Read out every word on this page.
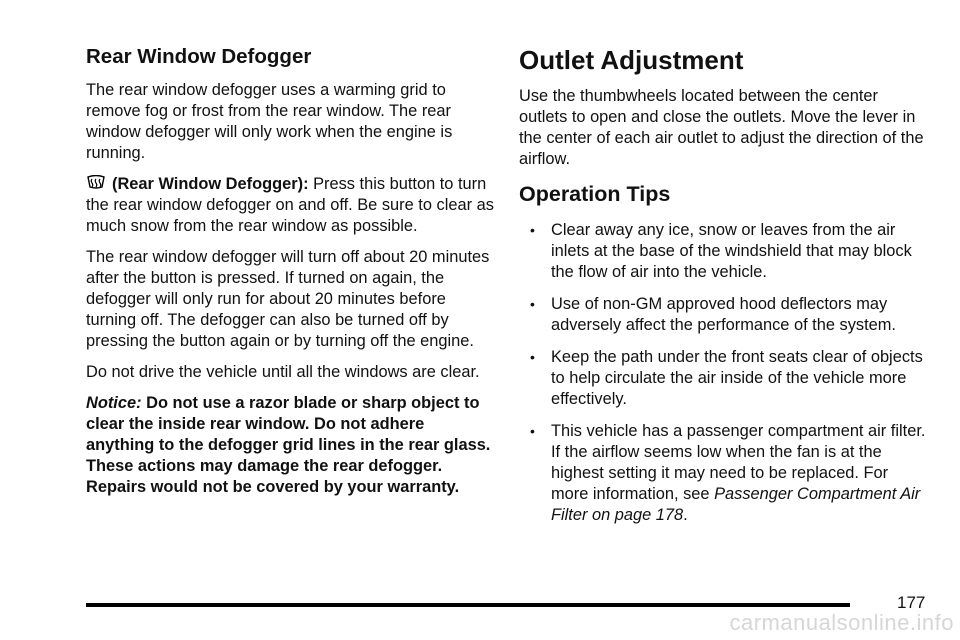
Rear Window Defogger

The rear window defogger uses a warming grid to remove fog or frost from the rear window. The rear window defogger will only work when the engine is running.

(Rear Window Defogger): Press this button to turn the rear window defogger on and off. Be sure to clear as much snow from the rear window as possible.

The rear window defogger will turn off about 20 minutes after the button is pressed. If turned on again, the defogger will only run for about 20 minutes before turning off. The defogger can also be turned off by pressing the button again or by turning off the engine.

Do not drive the vehicle until all the windows are clear.

Notice: Do not use a razor blade or sharp object to clear the inside rear window. Do not adhere anything to the defogger grid lines in the rear glass. These actions may damage the rear defogger. Repairs would not be covered by your warranty.

Outlet Adjustment

Use the thumbwheels located between the center outlets to open and close the outlets. Move the lever in the center of each air outlet to adjust the direction of the airflow.

Operation Tips
• Clear away any ice, snow or leaves from the air inlets at the base of the windshield that may block the flow of air into the vehicle.
• Use of non-GM approved hood deflectors may adversely affect the performance of the system.
• Keep the path under the front seats clear of objects to help circulate the air inside of the vehicle more effectively.
• This vehicle has a passenger compartment air filter. If the airflow seems low when the fan is at the highest setting it may need to be replaced. For more information, see Passenger Compartment Air Filter on page 178.
177
carmanualsonline.info
